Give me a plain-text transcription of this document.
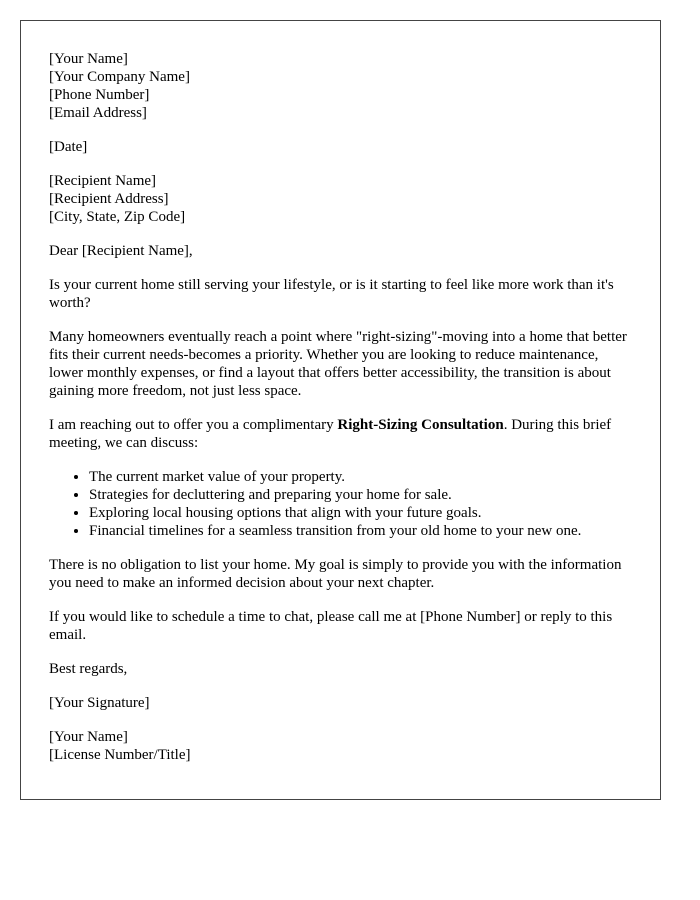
[Your Name]
[Your Company Name]
[Phone Number]
[Email Address]

[Date]

[Recipient Name]
[Recipient Address]
[City, State, Zip Code]

Dear [Recipient Name],

Is your current home still serving your lifestyle, or is it starting to feel like more work than it's worth?

Many homeowners eventually reach a point where "right-sizing"-moving into a home that better fits their current needs-becomes a priority. Whether you are looking to reduce maintenance, lower monthly expenses, or find a layout that offers better accessibility, the transition is about gaining more freedom, not just less space.

I am reaching out to offer you a complimentary Right-Sizing Consultation. During this brief meeting, we can discuss:

• The current market value of your property.
• Strategies for decluttering and preparing your home for sale.
• Exploring local housing options that align with your future goals.
• Financial timelines for a seamless transition from your old home to your new one.

There is no obligation to list your home. My goal is simply to provide you with the information you need to make an informed decision about your next chapter.

If you would like to schedule a time to chat, please call me at [Phone Number] or reply to this email.

Best regards,

[Your Signature]

[Your Name]
[License Number/Title]
